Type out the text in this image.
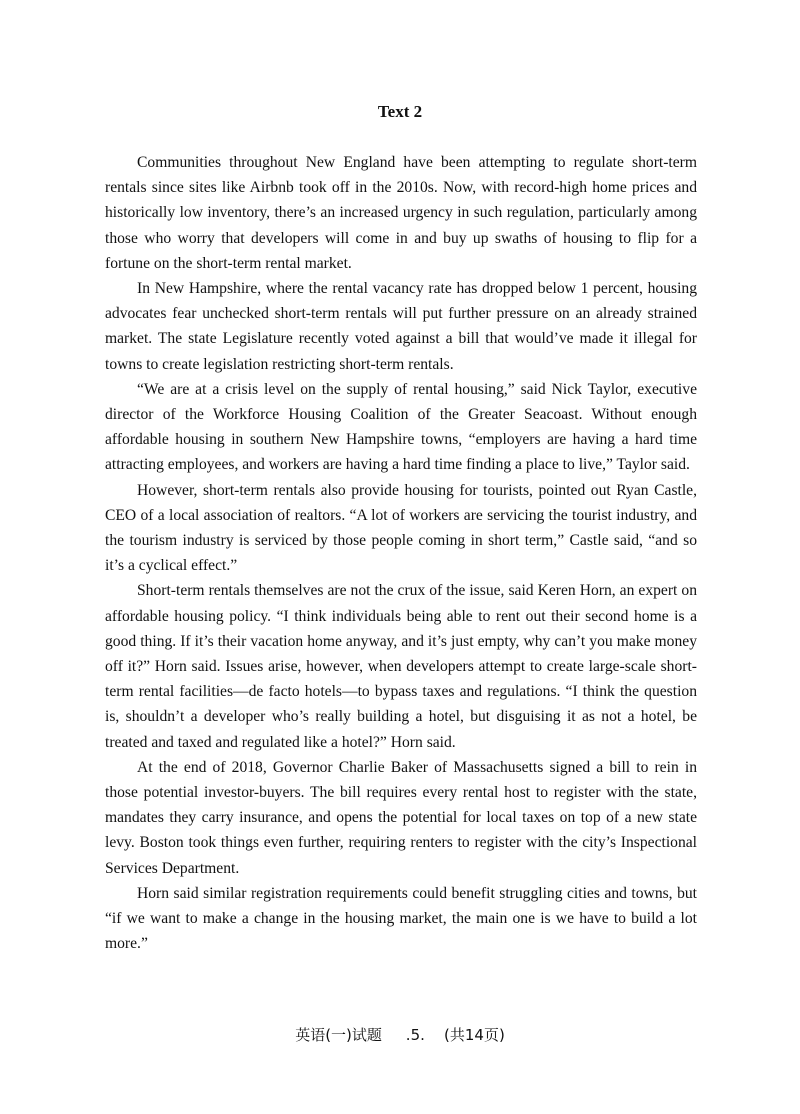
Text 2

Communities throughout New England have been attempting to regulate short-term rentals since sites like Airbnb took off in the 2010s. Now, with record-high home prices and historically low inventory, there’s an increased urgency in such regulation, particularly among those who worry that developers will come in and buy up swaths of housing to flip for a fortune on the short-term rental market.

In New Hampshire, where the rental vacancy rate has dropped below 1 percent, housing advocates fear unchecked short-term rentals will put further pressure on an already strained market. The state Legislature recently voted against a bill that would’ve made it illegal for towns to create legislation restricting short-term rentals.

“We are at a crisis level on the supply of rental housing,” said Nick Taylor, executive director of the Workforce Housing Coalition of the Greater Seacoast. Without enough affordable housing in southern New Hampshire towns, “employers are having a hard time attracting employees, and workers are having a hard time finding a place to live,” Taylor said.

However, short-term rentals also provide housing for tourists, pointed out Ryan Castle, CEO of a local association of realtors. “A lot of workers are servicing the tourist industry, and the tourism industry is serviced by those people coming in short term,” Castle said, “and so it’s a cyclical effect.”

Short-term rentals themselves are not the crux of the issue, said Keren Horn, an expert on affordable housing policy. “I think individuals being able to rent out their second home is a good thing. If it’s their vacation home anyway, and it’s just empty, why can’t you make money off it?” Horn said. Issues arise, however, when developers attempt to create large-scale short-term rental facilities—de facto hotels—to bypass taxes and regulations. “I think the question is, shouldn’t a developer who’s really building a hotel, but disguising it as not a hotel, be treated and taxed and regulated like a hotel?” Horn said.

At the end of 2018, Governor Charlie Baker of Massachusetts signed a bill to rein in those potential investor-buyers. The bill requires every rental host to register with the state, mandates they carry insurance, and opens the potential for local taxes on top of a new state levy. Boston took things even further, requiring renters to register with the city’s Inspectional Services Department.

Horn said similar registration requirements could benefit struggling cities and towns, but “if we want to make a change in the housing market, the main one is we have to build a lot more.”

英语(一)试题 .5. (共14页)
